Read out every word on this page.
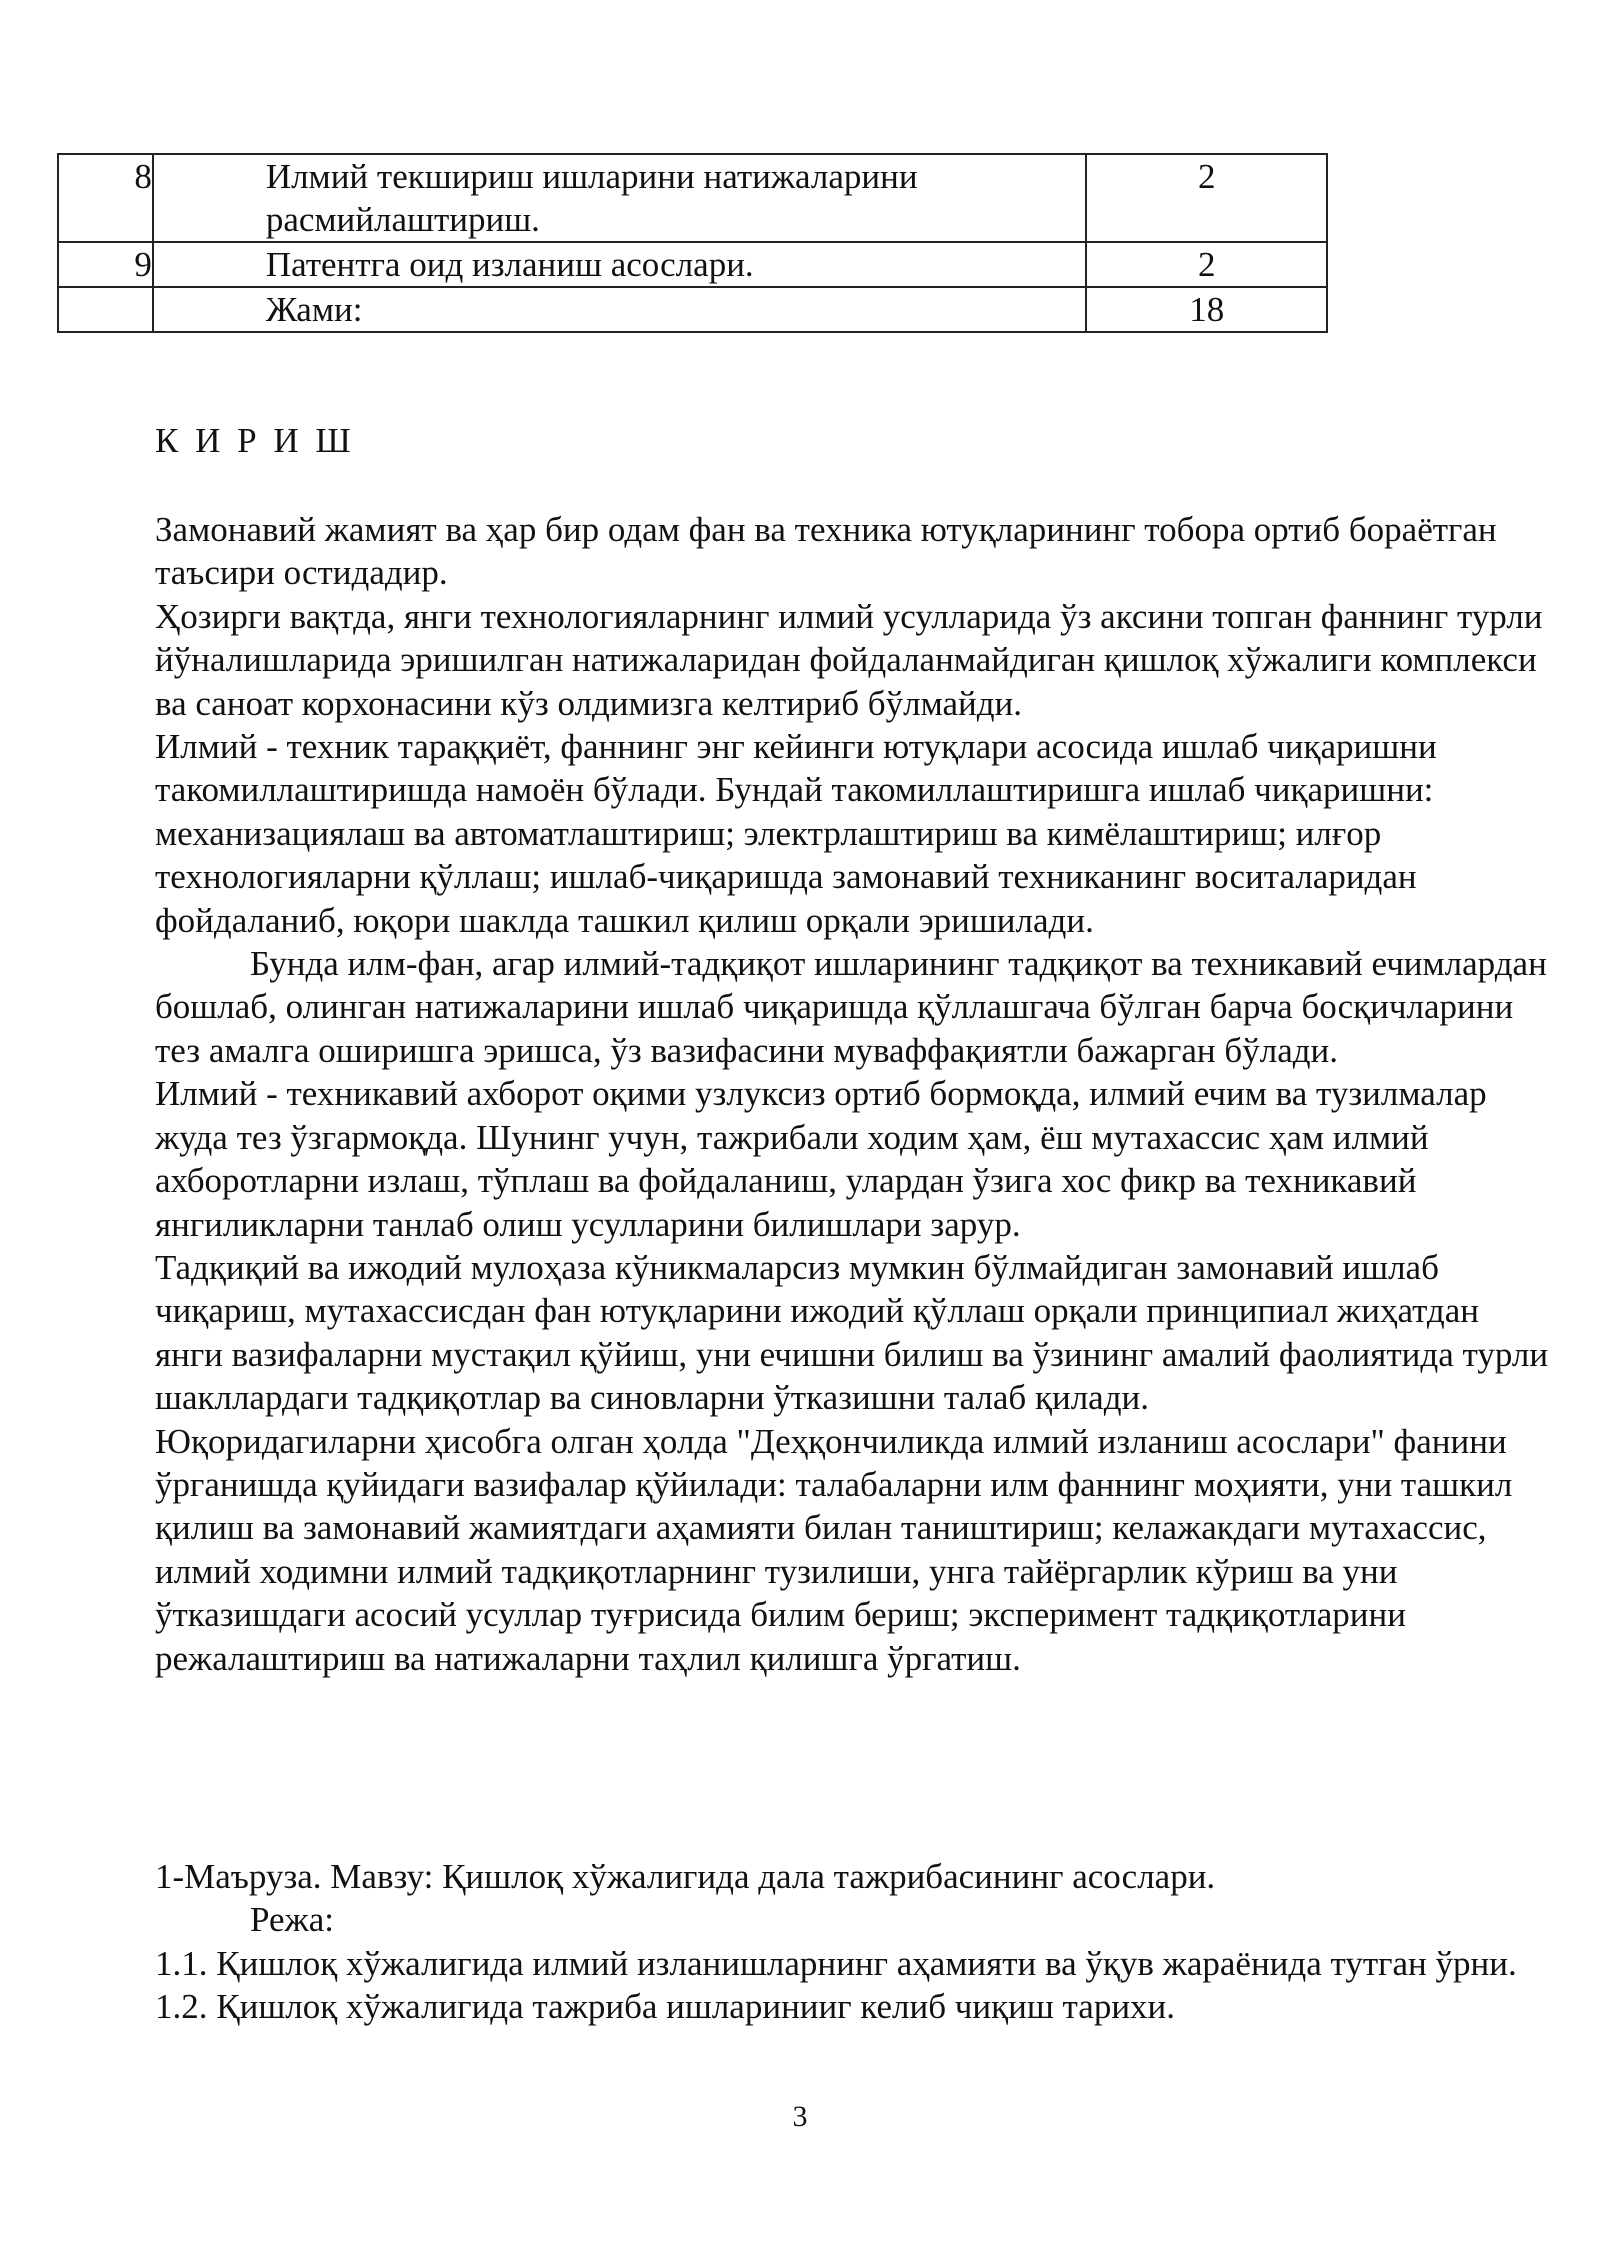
8	Илмий текшириш ишларини натижаларини расмийлаштириш.	2
9	Патентга оид изланиш асослари.	2
	Жами:	18
К И Р И Ш

Замонавий жамият ва ҳар бир одам фан ва техника ютуқларининг тобора ортиб бораётган таъсири остидадир.

Ҳозирги вақтда, янги технологияларнинг илмий усулларида ўз аксини топган фаннинг турли йўналишларида эришилган натижаларидан фойдаланмайдиган қишлоқ хўжалиги комплекси ва саноат корхонасини кўз олдимизга келтириб бўлмайди.

Илмий - техник тараққиёт, фаннинг энг кейинги ютуқлари асосида ишлаб чиқаришни такомиллаштиришда намоён бўлади. Бундай такомиллаштиришга ишлаб чиқаришни: механизациялаш ва автоматлаштириш; электрлаштириш ва кимёлаштириш; илғор технологияларни қўллаш; ишлаб-чиқаришда замонавий техниканинг воситаларидан фойдаланиб, юқори шаклда ташкил қилиш орқали эришилади.

Бунда илм-фан, агар илмий-тадқиқот ишларининг тадқиқот ва техникавий ечимлардан бошлаб, олинган натижаларини ишлаб чиқаришда қўллашгача бўлган барча босқичларини тез амалга оширишга эришса, ўз вазифасини муваффақиятли бажарган бўлади.

Илмий - техникавий ахборот оқими узлуксиз ортиб бормоқда, илмий ечим ва тузилмалар жуда тез ўзгармоқда. Шунинг учун, тажрибали ходим ҳам, ёш мутахассис ҳам илмий ахборотларни излаш, тўплаш ва фойдаланиш, улардан ўзига хос фикр ва техникавий янгиликларни танлаб олиш усулларини билишлари зарур.

Тадқиқий ва ижодий мулоҳаза кўникмаларсиз мумкин бўлмайдиган замонавий ишлаб чиқариш, мутахассисдан фан ютуқларини ижодий қўллаш орқали принципиал жиҳатдан янги вазифаларни мустақил қўйиш, уни ечишни билиш ва ўзининг амалий фаолиятида турли шакллардаги тадқиқотлар ва синовларни ўтказишни талаб қилади.

Юқоридагиларни ҳисобга олган ҳолда "Деҳқончиликда илмий изланиш асослари" фанини ўрганишда қуйидаги вазифалар қўйилади: талабаларни илм фаннинг моҳияти, уни ташкил қилиш ва замонавий жамиятдаги аҳамияти билан таништириш; келажакдаги мутахассис, илмий ходимни илмий тадқиқотларнинг тузилиши, унга тайёргарлик кўриш ва уни ўтказишдаги асосий усуллар туғрисида билим бериш; эксперимент тадқиқотларини режалаштириш ва натижаларни таҳлил қилишга ўргатиш.

1-Маъруза. Мавзу: Қишлоқ хўжалигида дала тажрибасининг асослари.

Режа:

1.1. Қишлоқ хўжалигида илмий изланишларнинг аҳамияти ва ўқув жараёнида тутган ўрни.

1.2. Қишлоқ хўжалигида тажриба ишларинииг келиб чиқиш тарихи.

3
